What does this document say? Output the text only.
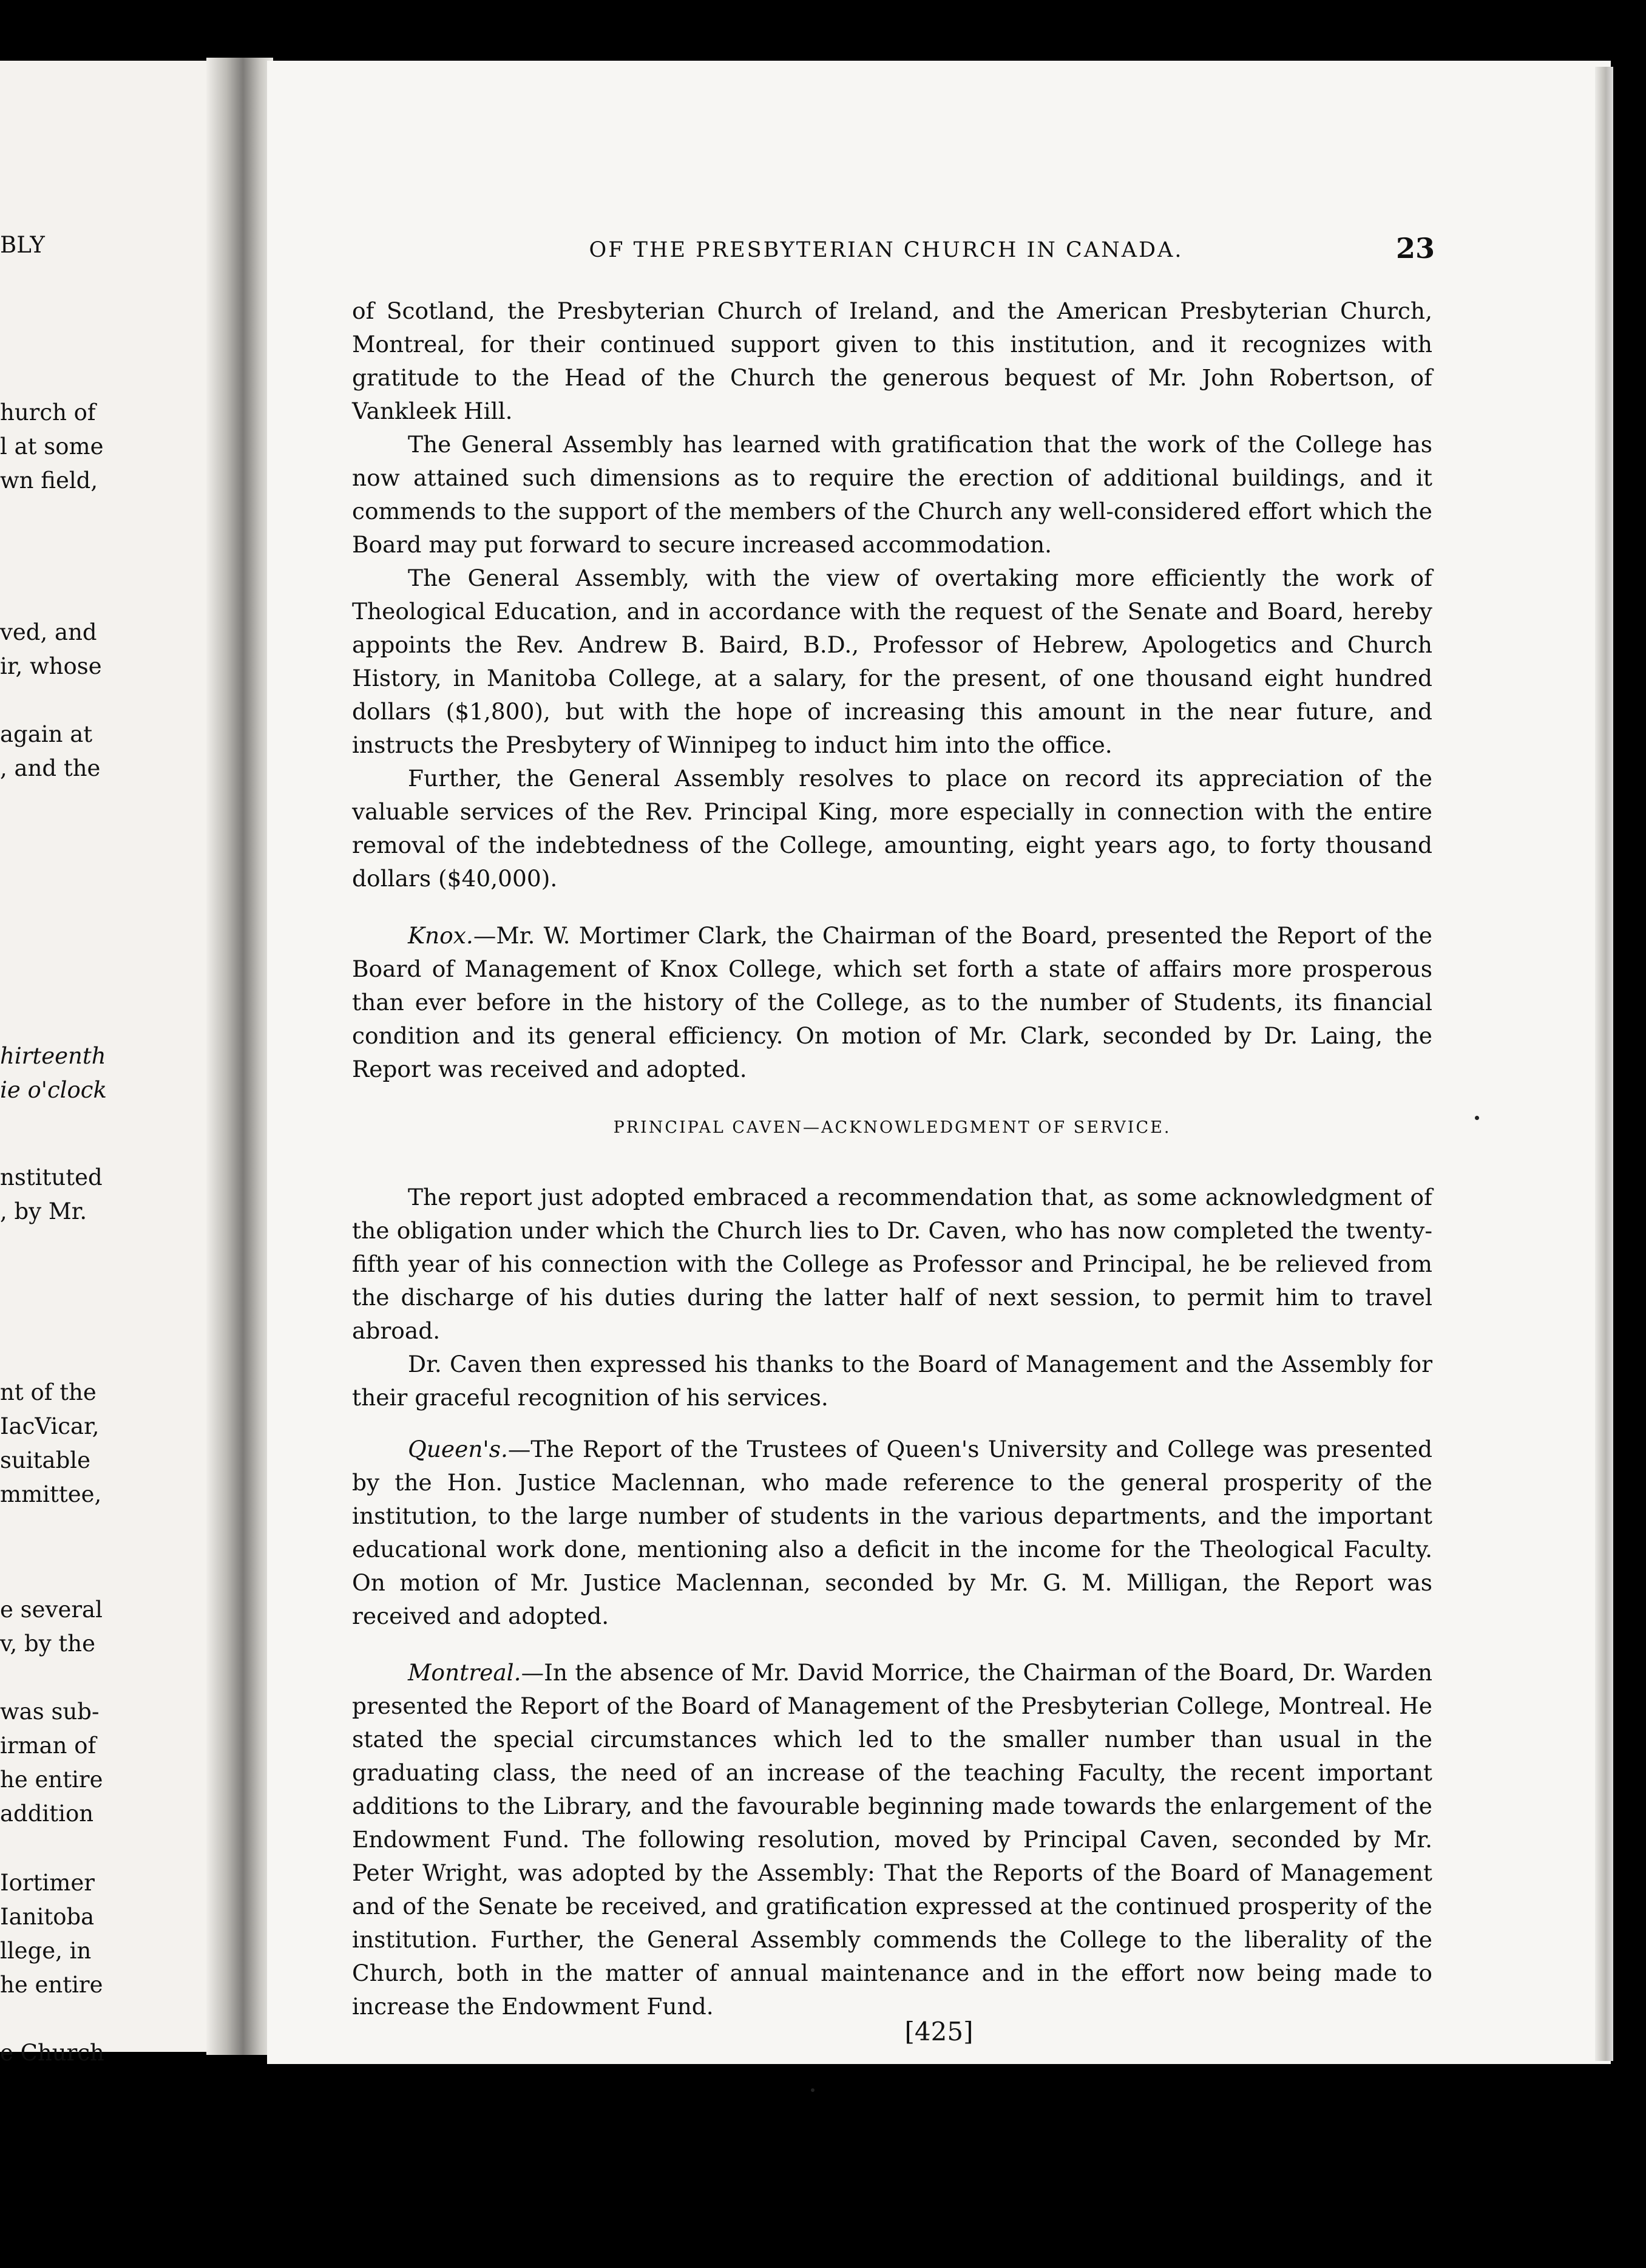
BLY
hurch of
l at some
wn field,
ved, and
ir, whose
again at
, and the
hirteenth
ie o'clock
nstituted
, by Mr.
nt of the
IacVicar,
suitable
mmittee,
e several
v, by the
was sub-
irman of
he entire
addition
Iortimer
Ianitoba
llege, in
he entire
e Church
OF THE PRESBYTERIAN CHURCH IN CANADA.	23

of Scotland, the Presbyterian Church of Ireland, and the American Presbyterian Church, Montreal, for their continued support given to this institution, and it recognizes with gratitude to the Head of the Church the generous bequest of Mr. John Robertson, of Vankleek Hill.

The General Assembly has learned with gratification that the work of the College has now attained such dimensions as to require the erection of additional buildings, and it commends to the support of the members of the Church any well-considered effort which the Board may put forward to secure increased accommodation.

The General Assembly, with the view of overtaking more efficiently the work of Theological Education, and in accordance with the request of the Senate and Board, hereby appoints the Rev. Andrew B. Baird, B.D., Professor of Hebrew, Apologetics and Church History, in Manitoba College, at a salary, for the present, of one thousand eight hundred dollars ($1,800), but with the hope of increasing this amount in the near future, and instructs the Presbytery of Winnipeg to induct him into the office.

Further, the General Assembly resolves to place on record its appreciation of the valuable services of the Rev. Principal King, more especially in connection with the entire removal of the indebtedness of the College, amounting, eight years ago, to forty thousand dollars ($40,000).

Knox.—Mr. W. Mortimer Clark, the Chairman of the Board, presented the Report of the Board of Management of Knox College, which set forth a state of affairs more prosperous than ever before in the history of the College, as to the number of Students, its financial condition and its general efficiency. On motion of Mr. Clark, seconded by Dr. Laing, the Report was received and adopted.

PRINCIPAL CAVEN—ACKNOWLEDGMENT OF SERVICE.

The report just adopted embraced a recommendation that, as some acknowledgment of the obligation under which the Church lies to Dr. Caven, who has now completed the twenty-fifth year of his connection with the College as Professor and Principal, he be relieved from the discharge of his duties during the latter half of next session, to permit him to travel abroad.

Dr. Caven then expressed his thanks to the Board of Management and the Assembly for their graceful recognition of his services.

Queen's.—The Report of the Trustees of Queen's University and College was presented by the Hon. Justice Maclennan, who made reference to the general prosperity of the institution, to the large number of students in the various departments, and the important educational work done, mentioning also a deficit in the income for the Theological Faculty. On motion of Mr. Justice Maclennan, seconded by Mr. G. M. Milligan, the Report was received and adopted.

Montreal.—In the absence of Mr. David Morrice, the Chairman of the Board, Dr. Warden presented the Report of the Board of Management of the Presbyterian College, Montreal. He stated the special circumstances which led to the smaller number than usual in the graduating class, the need of an increase of the teaching Faculty, the recent important additions to the Library, and the favourable beginning made towards the enlargement of the Endowment Fund. The following resolution, moved by Principal Caven, seconded by Mr. Peter Wright, was adopted by the Assembly: That the Reports of the Board of Management and of the Senate be received, and gratification expressed at the continued prosperity of the institution. Further, the General Assembly commends the College to the liberality of the Church, both in the matter of annual maintenance and in the effort now being made to increase the Endowment Fund.

[425]
